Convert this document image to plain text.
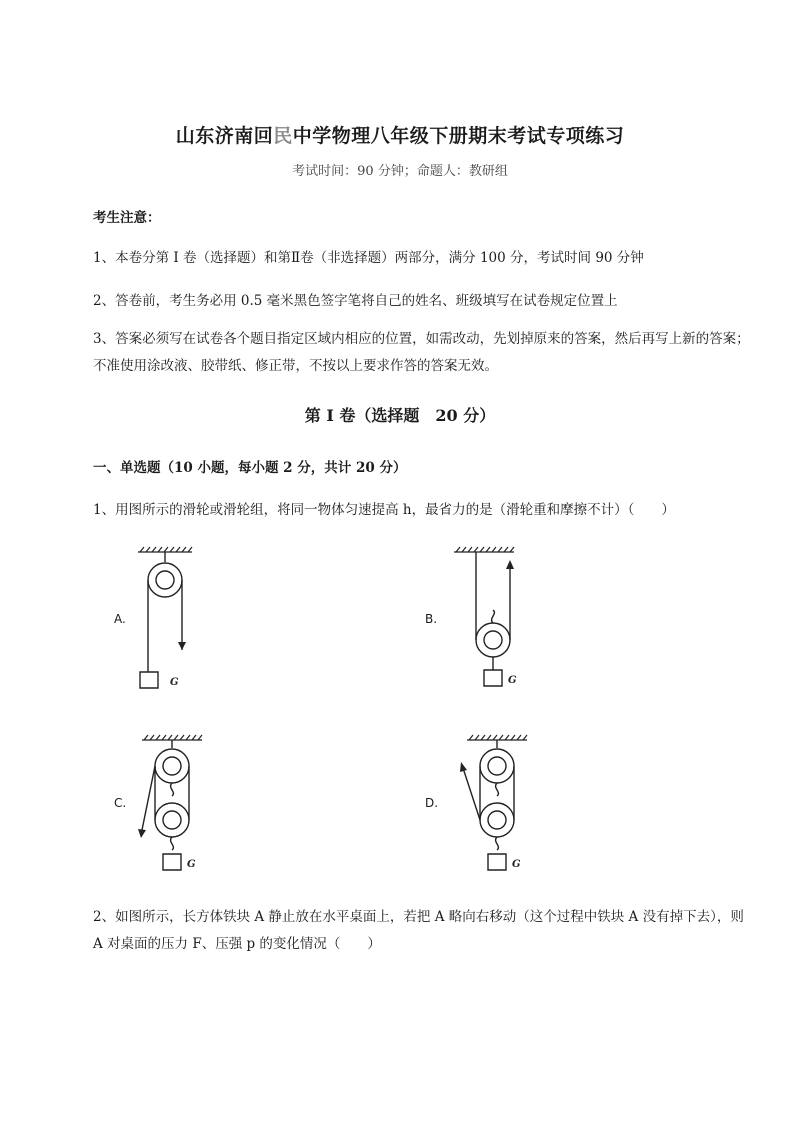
山东济南回民中学物理八年级下册期末考试专项练习
考试时间：90 分钟；命题人：教研组
考生注意：
1、本卷分第 I 卷（选择题）和第Ⅱ卷（非选择题）两部分，满分 100 分，考试时间 90 分钟
2、答卷前，考生务必用 0.5 毫米黑色签字笔将自己的姓名、班级填写在试卷规定位置上
3、答案必须写在试卷各个题目指定区域内相应的位置，如需改动，先划掉原来的答案，然后再写上新的答案；不准使用涂改液、胶带纸、修正带，不按以上要求作答的答案无效。
第 I 卷（选择题　20 分）
一、单选题（10 小题，每小题 2 分，共计 20 分）
1、用图所示的滑轮或滑轮组，将同一物体匀速提高 h，最省力的是（滑轮重和摩擦不计）（　　）
A.	B.
C.	D.
G	G
G	G
2、如图所示，长方体铁块 A 静止放在水平桌面上，若把 A 略向右移动（这个过程中铁块 A 没有掉下去），则 A 对桌面的压力 F、压强 p 的变化情况（　　）
